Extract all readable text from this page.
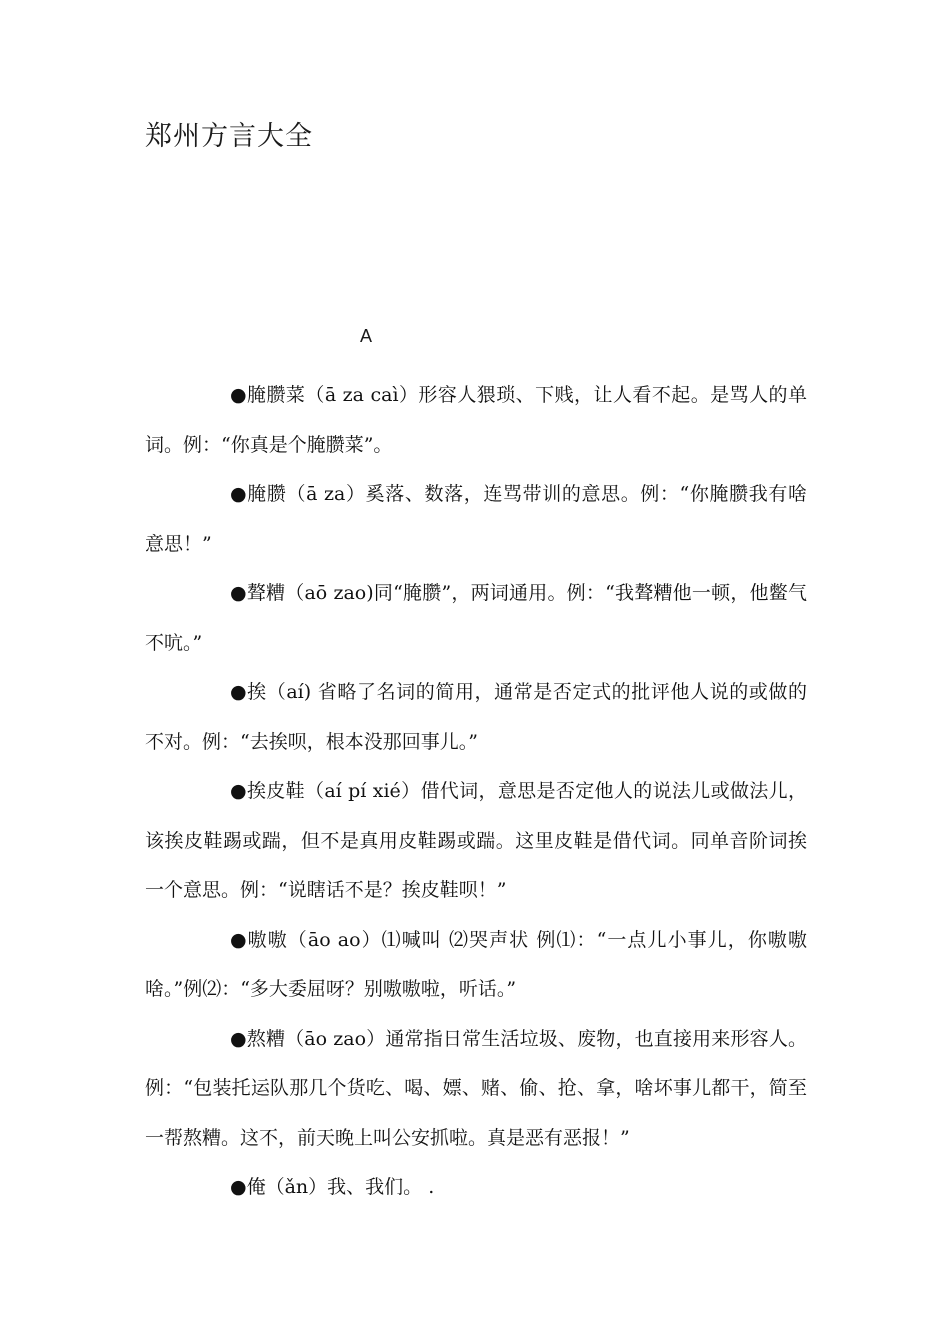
郑州方言大全
A

●腌臜菜（ā za caì）形容人猥琐、下贱，让人看不起。是骂人的单词。例：“你真是个腌臜菜”。

●腌臜（ā za）奚落、数落，连骂带训的意思。例：“你腌臜我有啥意思！”

●聱糟（aō zao)同“腌臜”，两词通用。例：“我聱糟他一顿，他鳖气不吭。”

●挨（aí) 省略了名词的简用，通常是否定式的批评他人说的或做的不对。例：“去挨呗，根本没那回事儿。”

●挨皮鞋（aí pí xié）借代词，意思是否定他人的说法儿或做法儿，该挨皮鞋踢或踹，但不是真用皮鞋踢或踹。这里皮鞋是借代词。同单音阶词挨一个意思。例：“说瞎话不是？挨皮鞋呗！”

●嗷嗷（āo ao）⑴喊叫 ⑵哭声状 例⑴：“一点儿小事儿，你嗷嗷啥。”例⑵：“多大委屈呀？别嗷嗷啦，听话。”

●熬糟（āo zao）通常指日常生活垃圾、废物，也直接用来形容人。例：“包装托运队那几个货吃、喝、嫖、赌、偷、抢、拿，啥坏事儿都干，简至一帮熬糟。这不，前天晚上叫公安抓啦。真是恶有恶报！”

●俺（ǎn）我、我们。 .
